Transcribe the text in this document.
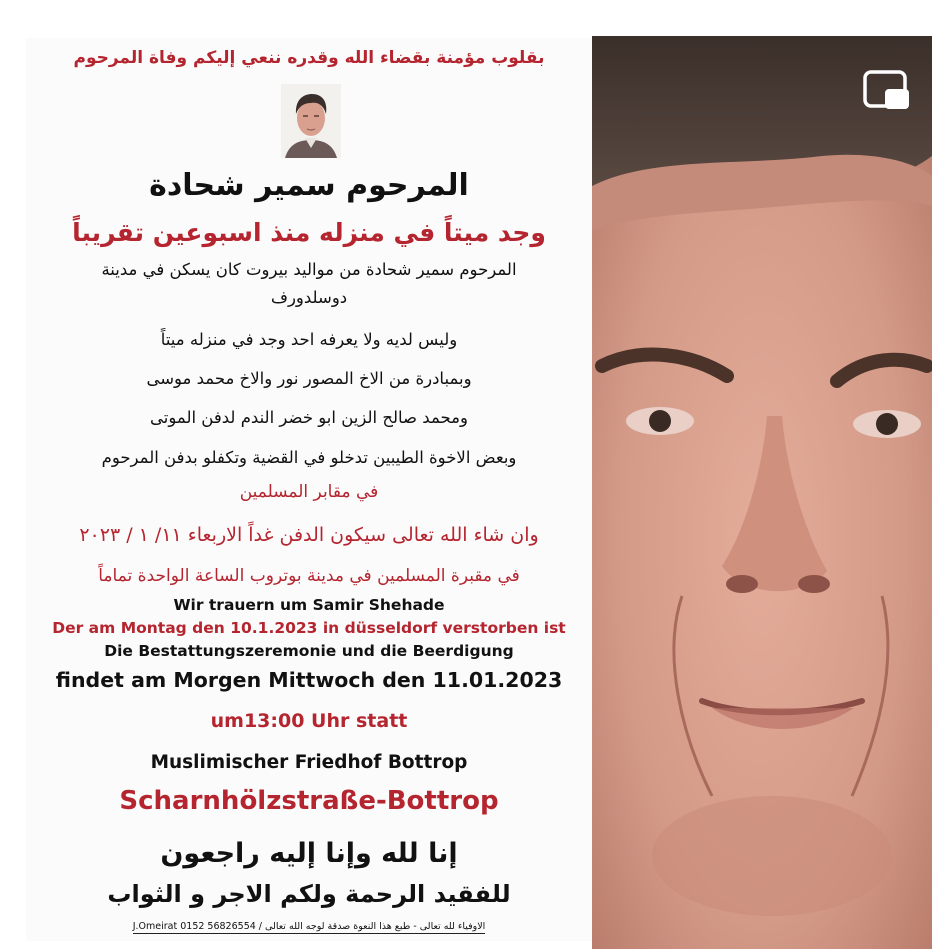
بقلوب مؤمنة بقضاء الله وقدره ننعي إليكم وفاة المرحوم
المرحوم سمير شحادة
وجد ميتاً في منزله منذ اسبوعين تقريباً
المرحوم سمير شحادة من مواليد بيروت كان يسكن في مدينة
دوسلدورف
وليس لديه ولا يعرفه احد وجد في منزله ميتاً
وبمبادرة من الاخ المصور نور والاخ محمد موسى
ومحمد صالح الزين ابو خضر الندم لدفن الموتى
وبعض الاخوة الطيبين تدخلو في القضية وتكفلو بدفن المرحوم
في مقابر المسلمين
وان شاء الله تعالى سيكون الدفن غداً الاربعاء ١١/ ١ / ٢٠٢٣
في مقبرة المسلمين في مدينة بوتروب الساعة الواحدة تماماً
Wir trauern um Samir Shehade
Der am Montag den 10.1.2023 in düsseldorf verstorben ist
Die Bestattungszeremonie und die Beerdigung
findet am Morgen Mittwoch den 11.01.2023
um13:00 Uhr statt
Muslimischer Friedhof Bottrop
Scharnhölzstraße-Bottrop
إنا لله وإنا إليه راجعون
للفقيد الرحمة ولكم الاجر و الثواب
الاوفياء لله تعالى - طبع هذا النعوة صدقة لوجه الله تعالى / J.Omeirat 0152 56826554
